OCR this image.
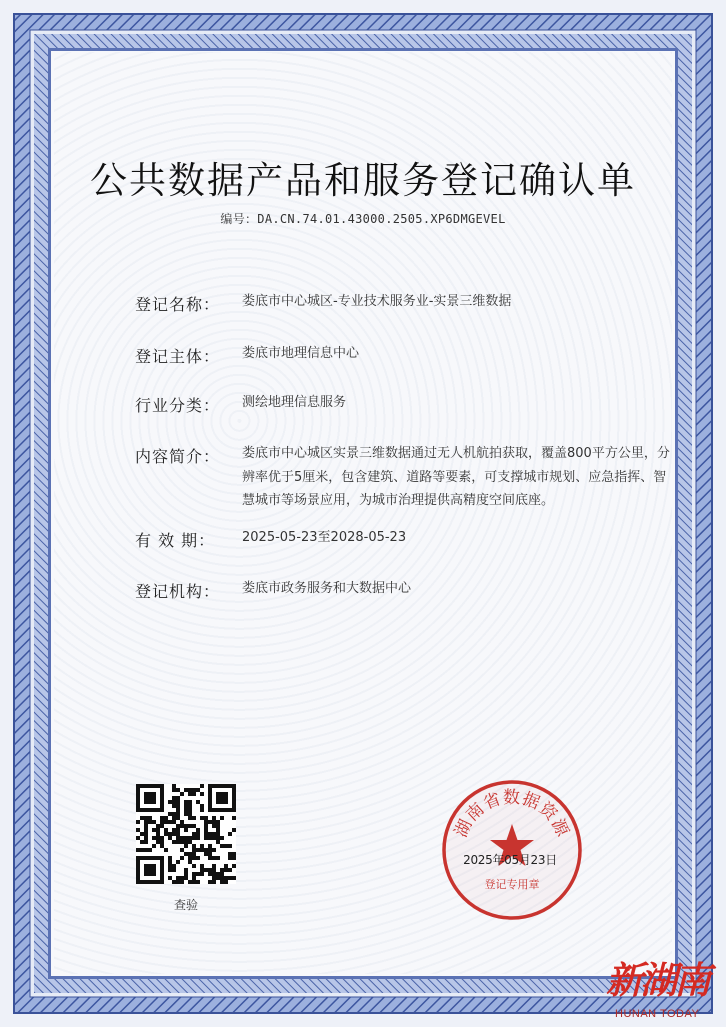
公共数据产品和服务登记确认单
编号：DA.CN.74.01.43000.2505.XP6DMGEVEL
登记名称：	娄底市中心城区-专业技术服务业-实景三维数据
登记主体：	娄底市地理信息中心
行业分类：	测绘地理信息服务
内容简介：	娄底市中心城区实景三维数据通过无人机航拍获取，覆盖800平方公里，分辨率优于5厘米，包含建筑、道路等要素，可支撑城市规划、应急指挥、智慧城市等场景应用，为城市治理提供高精度空间底座。
有 效 期：	2025-05-23至2028-05-23
登记机构：	娄底市政务服务和大数据中心
查验
湖南省数据资源
2025年05月23日
登记专用章
新湖南
HUNAN TODAY
